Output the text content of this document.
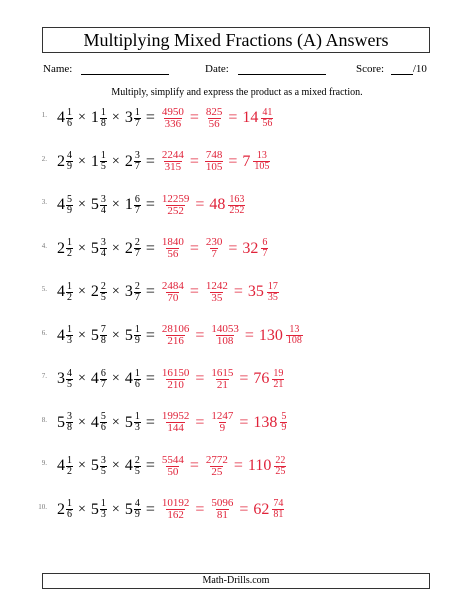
Multiplying Mixed Fractions (A) Answers
Name:	Date:	Score:	/10
Multiply, simplify and express the product as a mixed fraction.
1. $4 \frac{1}{6} \times 1 \frac{1}{8} \times 3 \frac{1}{7} = \frac{4950}{336} = \frac{825}{56} = 14 \frac{41}{56}$
2. $2 \frac{4}{9} \times 1 \frac{1}{5} \times 2 \frac{3}{7} = \frac{2244}{315} = \frac{748}{105} = 7 \frac{13}{105}$
3. $4 \frac{5}{9} \times 5 \frac{3}{4} \times 1 \frac{6}{7} = \frac{12259}{252} = 48 \frac{163}{252}$
4. $2 \frac{1}{2} \times 5 \frac{3}{4} \times 2 \frac{2}{7} = \frac{1840}{56} = \frac{230}{7} = 32 \frac{6}{7}$
5. $4 \frac{1}{2} \times 2 \frac{2}{5} \times 3 \frac{2}{7} = \frac{2484}{70} = \frac{1242}{35} = 35 \frac{17}{35}$
6. $4 \frac{1}{3} \times 5 \frac{7}{8} \times 5 \frac{1}{9} = \frac{28106}{216} = \frac{14053}{108} = 130 \frac{13}{108}$
7. $3 \frac{4}{5} \times 4 \frac{6}{7} \times 4 \frac{1}{6} = \frac{16150}{210} = \frac{1615}{21} = 76 \frac{19}{21}$
8. $5 \frac{3}{8} \times 4 \frac{5}{6} \times 5 \frac{1}{3} = \frac{19952}{144} = \frac{1247}{9} = 138 \frac{5}{9}$
9. $4 \frac{1}{2} \times 5 \frac{3}{5} \times 4 \frac{2}{5} = \frac{5544}{50} = \frac{2772}{25} = 110 \frac{22}{25}$
10. $2 \frac{1}{6} \times 5 \frac{1}{3} \times 5 \frac{4}{9} = \frac{10192}{162} = \frac{5096}{81} = 62 \frac{74}{81}$
Math-Drills.com
